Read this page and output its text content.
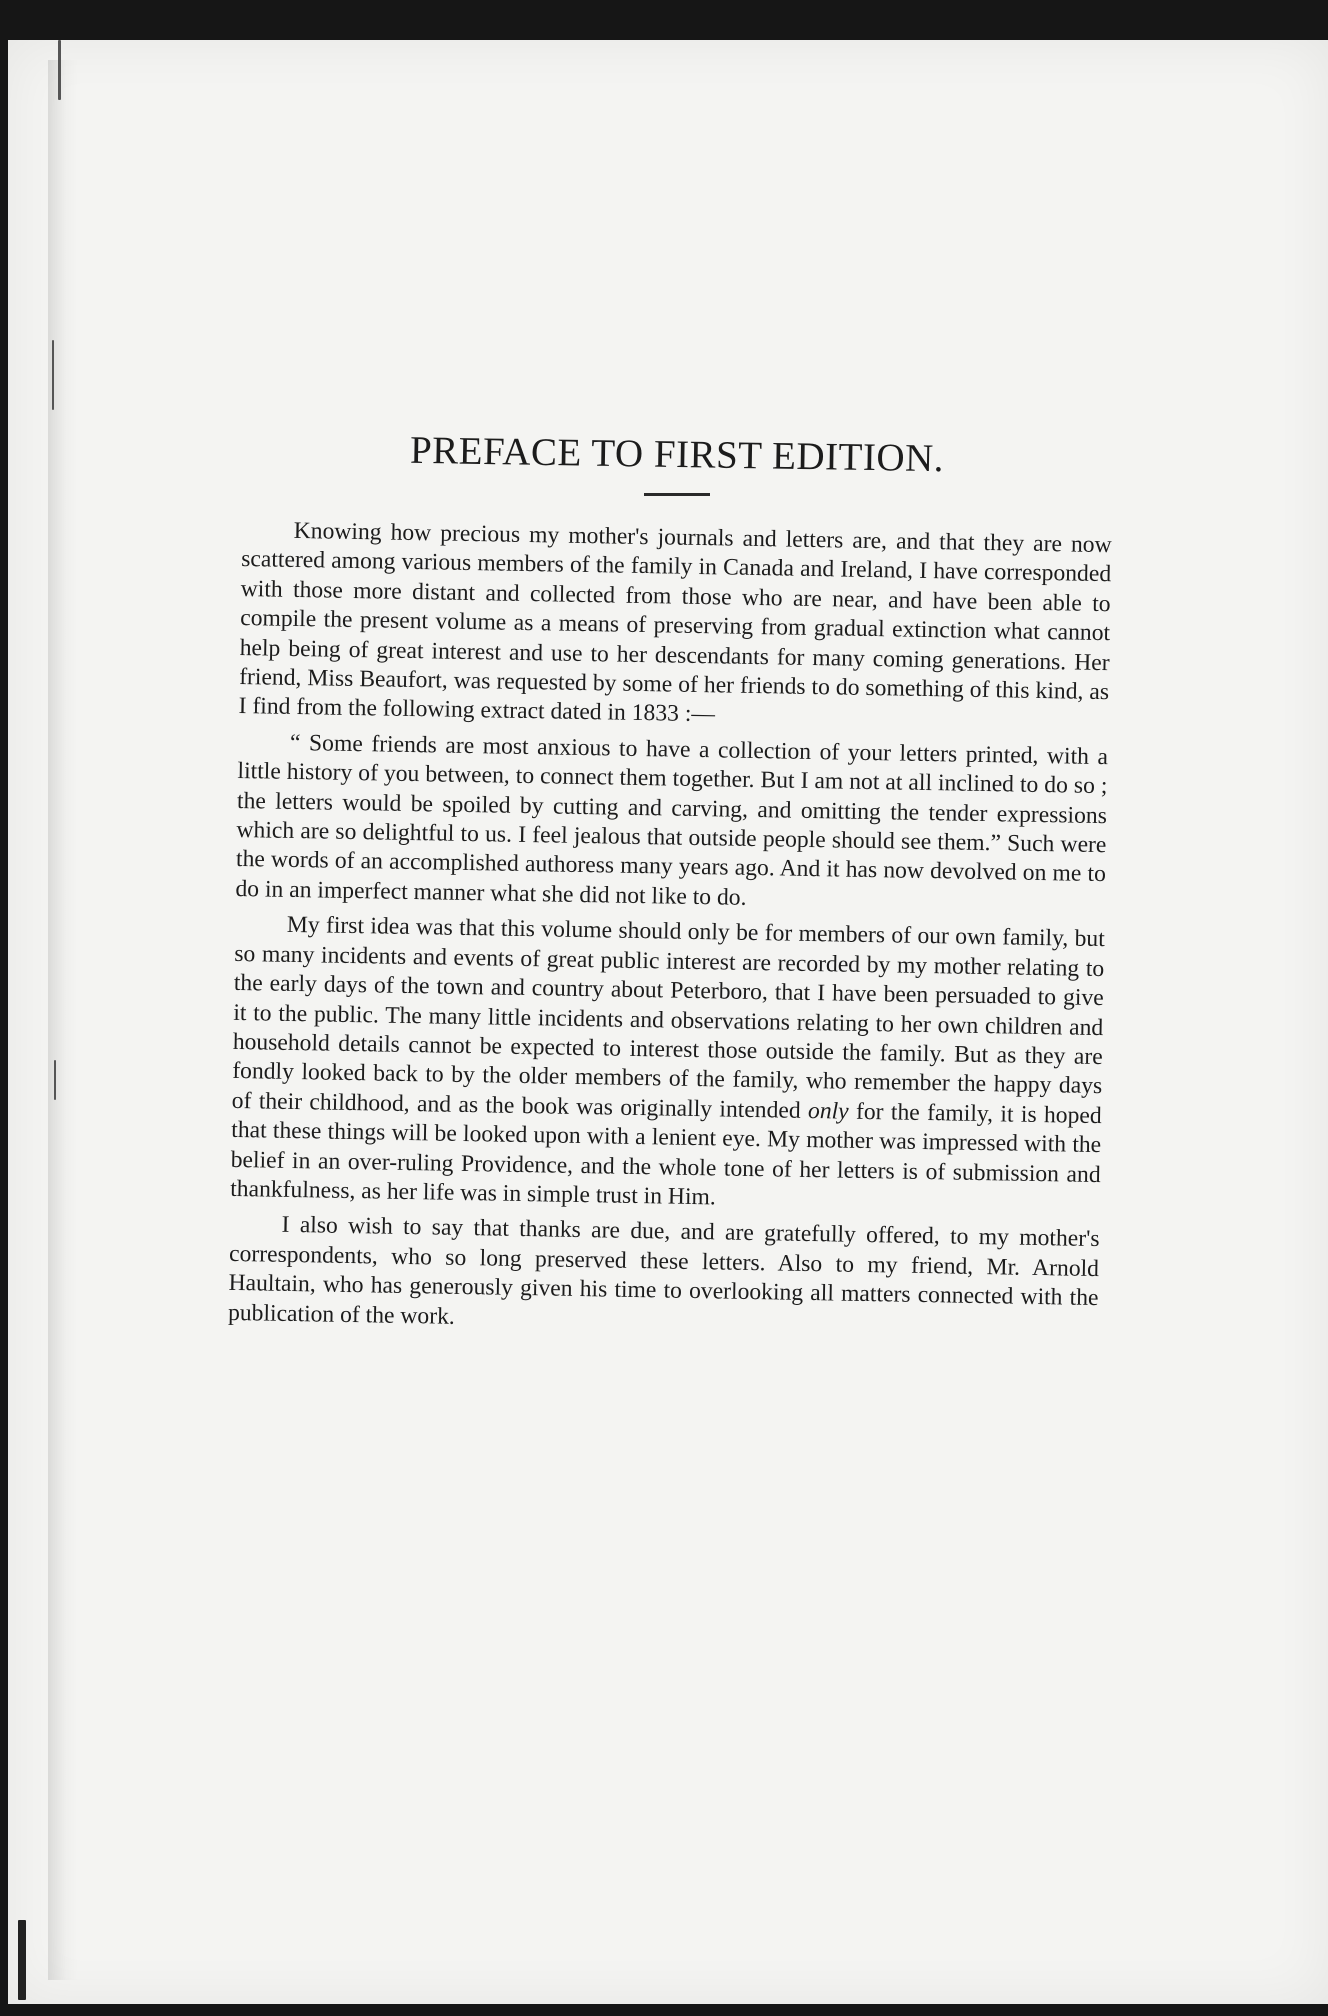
PREFACE TO FIRST EDITION.

Knowing how precious my mother's journals and letters are, and that they are now scattered among various members of the family in Canada and Ireland, I have corresponded with those more distant and collected from those who are near, and have been able to compile the present volume as a means of preserving from gradual extinction what cannot help being of great interest and use to her descendants for many coming generations. Her friend, Miss Beaufort, was requested by some of her friends to do something of this kind, as I find from the following extract dated in 1833 :—

“ Some friends are most anxious to have a collection of your letters printed, with a little history of you between, to connect them together. But I am not at all inclined to do so ; the letters would be spoiled by cutting and carving, and omitting the tender expressions which are so delightful to us. I feel jealous that outside people should see them.” Such were the words of an accomplished authoress many years ago. And it has now devolved on me to do in an imperfect manner what she did not like to do.

My first idea was that this volume should only be for members of our own family, but so many incidents and events of great public interest are recorded by my mother relating to the early days of the town and country about Peterboro, that I have been persuaded to give it to the public. The many little incidents and observations relating to her own children and household details cannot be expected to interest those outside the family. But as they are fondly looked back to by the older members of the family, who remember the happy days of their childhood, and as the book was originally intended only for the family, it is hoped that these things will be looked upon with a lenient eye. My mother was impressed with the belief in an over-ruling Providence, and the whole tone of her letters is of submission and thankfulness, as her life was in simple trust in Him.

I also wish to say that thanks are due, and are gratefully offered, to my mother's correspondents, who so long preserved these letters. Also to my friend, Mr. Arnold Haultain, who has generously given his time to overlooking all matters connected with the publication of the work.
